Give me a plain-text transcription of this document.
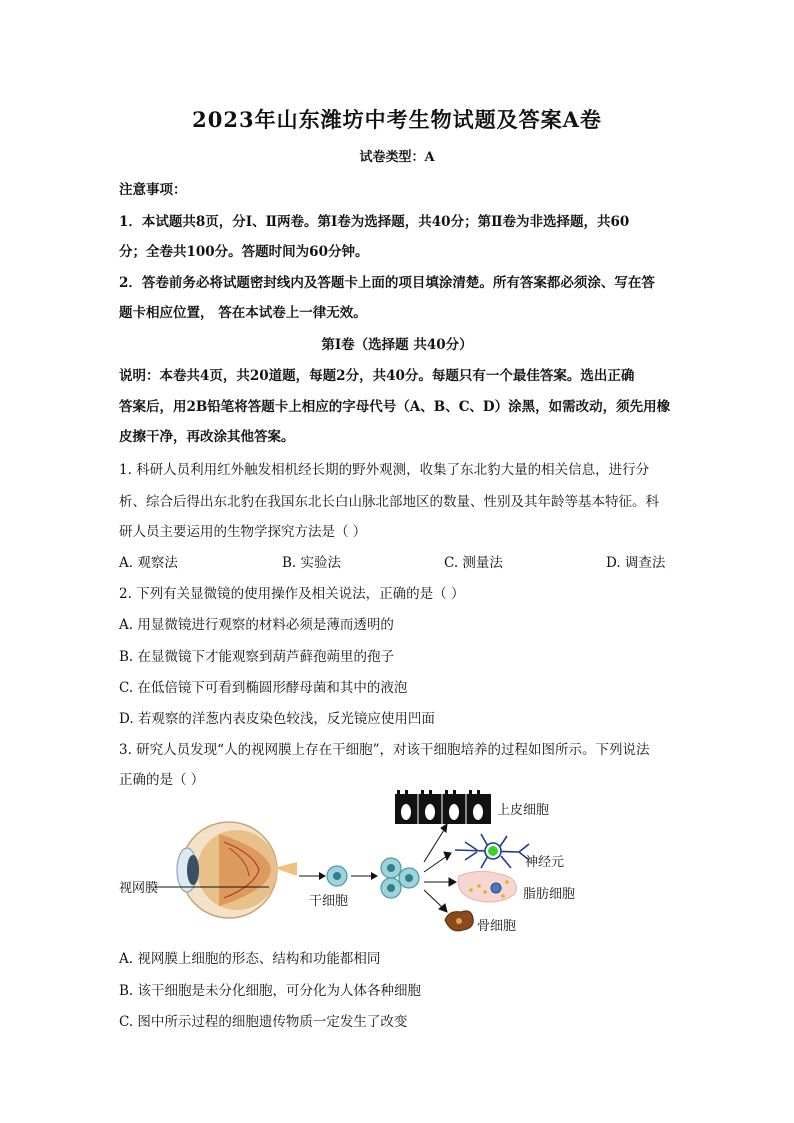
2023年山东潍坊中考生物试题及答案A卷
试卷类型：A
注意事项：
1．本试题共8页，分Ⅰ、Ⅱ两卷。第Ⅰ卷为选择题，共40分；第Ⅱ卷为非选择题，共60
分；全卷共100分。答题时间为60分钟。
2．答卷前务必将试题密封线内及答题卡上面的项目填涂清楚。所有答案都必须涂、写在答
题卡相应位置， 答在本试卷上一律无效。
第Ⅰ卷（选择题 共40分）
说明：本卷共4页，共20道题，每题2分，共40分。每题只有一个最佳答案。选出正确
答案后，用2B铅笔将答题卡上相应的字母代号（A、B、C、D）涂黑，如需改动，须先用橡
皮擦干净，再改涂其他答案。
1. 科研人员利用红外触发相机经长期的野外观测，收集了东北豹大量的相关信息，进行分
析、综合后得出东北豹在我国东北长白山脉北部地区的数量、性别及其年龄等基本特征。科
研人员主要运用的生物学探究方法是（ ）
A. 观察法	B. 实验法	C. 测量法	D. 调查法
2. 下列有关显微镜的使用操作及相关说法，正确的是（ ）
A. 用显微镜进行观察的材料必须是薄而透明的
B. 在显微镜下才能观察到葫芦藓孢蒴里的孢子
C. 在低倍镜下可看到椭圆形酵母菌和其中的液泡
D. 若观察的洋葱内表皮染色较浅，反光镜应使用凹面
3. 研究人员发现“人的视网膜上存在干细胞”，对该干细胞培养的过程如图所示。下列说法
正确的是（ ）
视网膜
干细胞
上皮细胞
神经元
脂肪细胞
骨细胞
A. 视网膜上细胞的形态、结构和功能都相同
B. 该干细胞是未分化细胞，可分化为人体各种细胞
C. 图中所示过程的细胞遗传物质一定发生了改变
